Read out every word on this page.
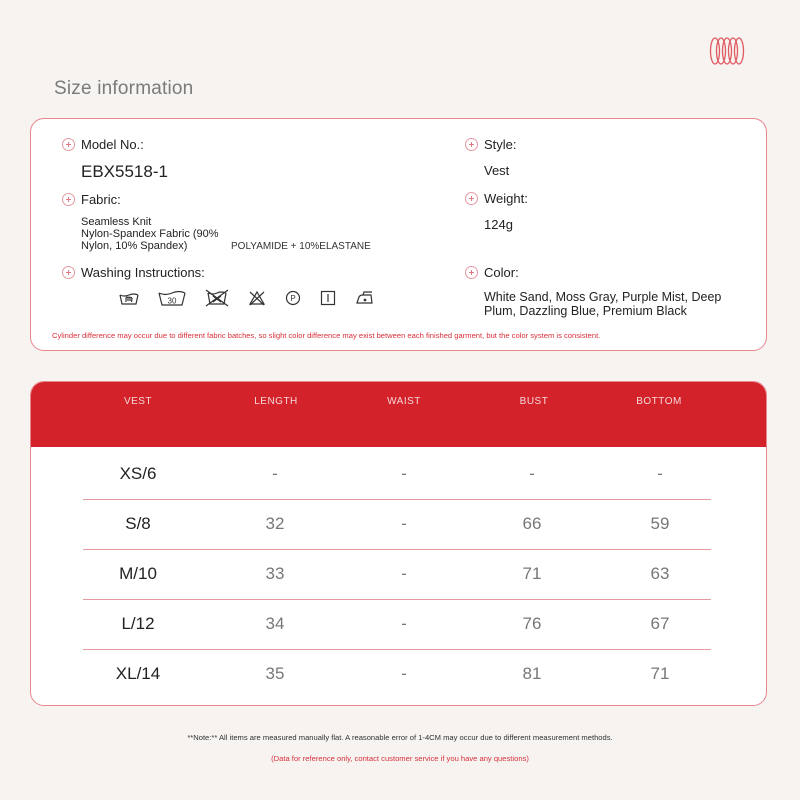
Size information
Model No.:
EBX5518-1
Fabric:
Seamless Knit
Nylon-Spandex Fabric (90%
Nylon, 10% Spandex)	POLYAMIDE + 10%ELASTANE
Washing Instructions:
30	P
Style:
Vest
Weight:
124g
Color:
White Sand, Moss Gray, Purple Mist, Deep
Plum, Dazzling Blue, Premium Black
Cylinder difference may occur due to different fabric batches, so slight color difference may exist between each finished garment, but the color system is consistent.
VEST	LENGTH	WAIST	BUST	BOTTOM
XS/6	-	-	-	-
S/8	32	-	66	59
M/10	33	-	71	63
L/12	34	-	76	67
XL/14	35	-	81	71
**Note:** All items are measured manually flat. A reasonable error of 1-4CM may occur due to different measurement methods.
(Data for reference only, contact customer service if you have any questions)
